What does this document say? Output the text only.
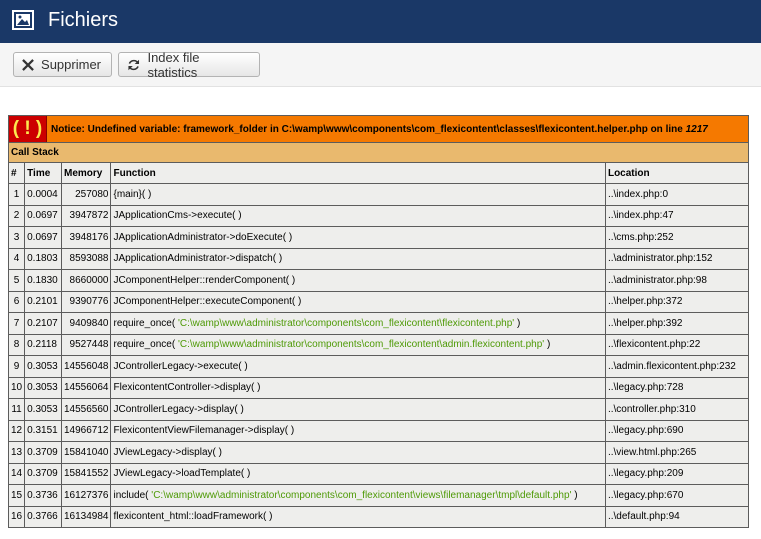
Fichiers
Supprimer	Index file statistics
( ! ) Notice: Undefined variable: framework_folder in C:\wamp\www\components\com_flexicontent\classes\flexicontent.helper.php on line 1217				

Call Stack				
#	Time	Memory	Function	Location
1	0.0004	257080	{main}( )	..\index.php:0
2	0.0697	3947872	JApplicationCms->execute( )	..\index.php:47
3	0.0697	3948176	JApplicationAdministrator->doExecute( )	..\cms.php:252
4	0.1803	8593088	JApplicationAdministrator->dispatch( )	..\administrator.php:152
5	0.1830	8660000	JComponentHelper::renderComponent( )	..\administrator.php:98
6	0.2101	9390776	JComponentHelper::executeComponent( )	..\helper.php:372
7	0.2107	9409840	require_once( 'C:\wamp\www\administrator\components\com_flexicontent\flexicontent.php' )	..\helper.php:392
8	0.2118	9527448	require_once( 'C:\wamp\www\administrator\components\com_flexicontent\admin.flexicontent.php' )	..\flexicontent.php:22
9	0.3053	14556048	JControllerLegacy->execute( )	..\admin.flexicontent.php:232
10	0.3053	14556064	FlexicontentController->display( )	..\legacy.php:728
11	0.3053	14556560	JControllerLegacy->display( )	..\controller.php:310
12	0.3151	14966712	FlexicontentViewFilemanager->display( )	..\legacy.php:690
13	0.3709	15841040	JViewLegacy->display( )	..\view.html.php:265
14	0.3709	15841552	JViewLegacy->loadTemplate( )	..\legacy.php:209
15	0.3736	16127376	include( 'C:\wamp\www\administrator\components\com_flexicontent\views\filemanager\tmpl\default.php' )	..\legacy.php:670
16	0.3766	16134984	flexicontent_html::loadFramework( )	..\default.php:94
